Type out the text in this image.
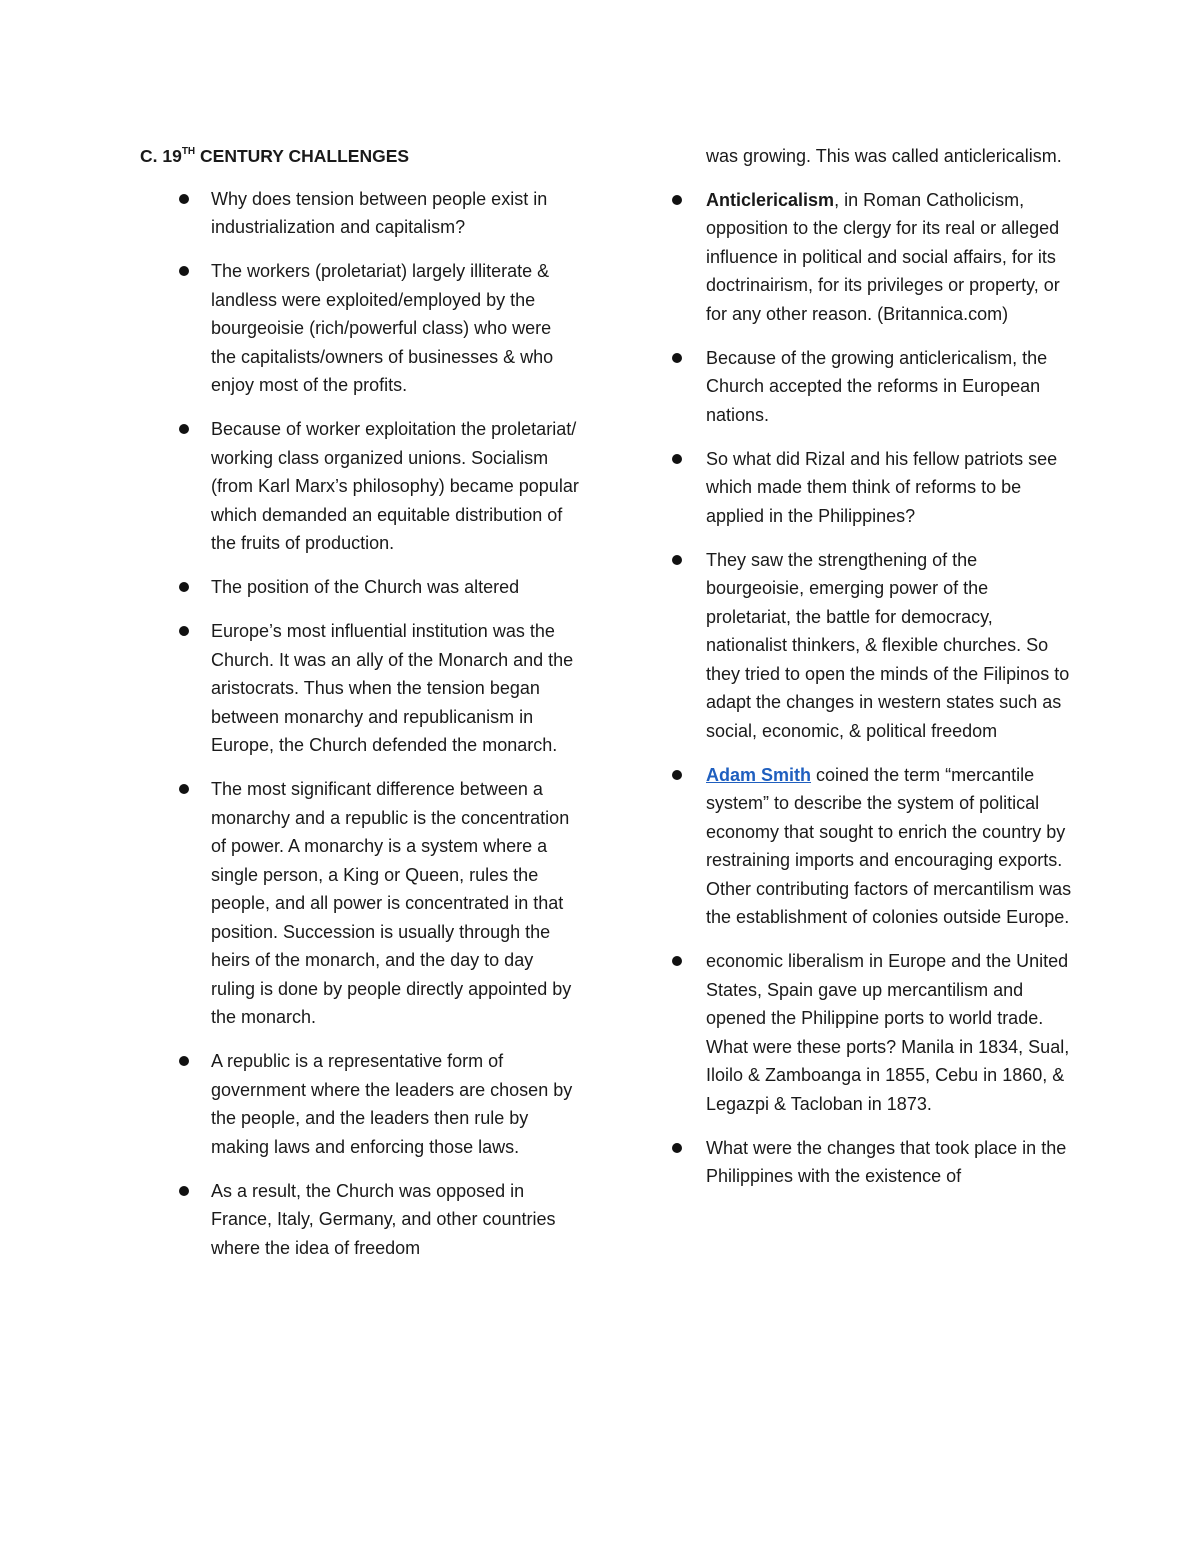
C. 19TH CENTURY CHALLENGES
Why does tension between people exist in industrialization and capitalism?
The workers (proletariat) largely illiterate & landless were exploited/employed by the bourgeoisie (rich/powerful class) who were the capitalists/owners of businesses & who enjoy most of the profits.
Because of worker exploitation the proletariat/ working class organized unions. Socialism (from Karl Marx’s philosophy) became popular which demanded an equitable distribution of the fruits of production.
The position of the Church was altered
Europe’s most influential institution was the Church. It was an ally of the Monarch and the aristocrats. Thus when the tension began between monarchy and republicanism in Europe, the Church defended the monarch.
The most significant difference between a monarchy and a republic is the concentration of power. A monarchy is a system where a single person, a King or Queen, rules the people, and all power is concentrated in that position. Succession is usually through the heirs of the monarch, and the day to day ruling is done by people directly appointed by the monarch.
A republic is a representative form of government where the leaders are chosen by the people, and the leaders then rule by making laws and enforcing those laws.
As a result, the Church was opposed in France, Italy, Germany, and other countries where the idea of freedom
was growing. This was called anticlericalism.
Anticlericalism, in Roman Catholicism, opposition to the clergy for its real or alleged influence in political and social affairs, for its doctrinairism, for its privileges or property, or for any other reason. (Britannica.com)
Because of the growing anticlericalism, the Church accepted the reforms in European nations.
So what did Rizal and his fellow patriots see which made them think of reforms to be applied in the Philippines?
They saw the strengthening of the bourgeoisie, emerging power of the proletariat, the battle for democracy, nationalist thinkers, & flexible churches. So they tried to open the minds of the Filipinos to adapt the changes in western states such as social, economic, & political freedom
Adam Smith coined the term “mercantile system” to describe the system of political economy that sought to enrich the country by restraining imports and encouraging exports. Other contributing factors of mercantilism was the establishment of colonies outside Europe.
economic liberalism in Europe and the United States, Spain gave up mercantilism and opened the Philippine ports to world trade. What were these ports? Manila in 1834, Sual, Iloilo & Zamboanga in 1855, Cebu in 1860, & Legazpi & Tacloban in 1873.
What were the changes that took place in the Philippines with the existence of
